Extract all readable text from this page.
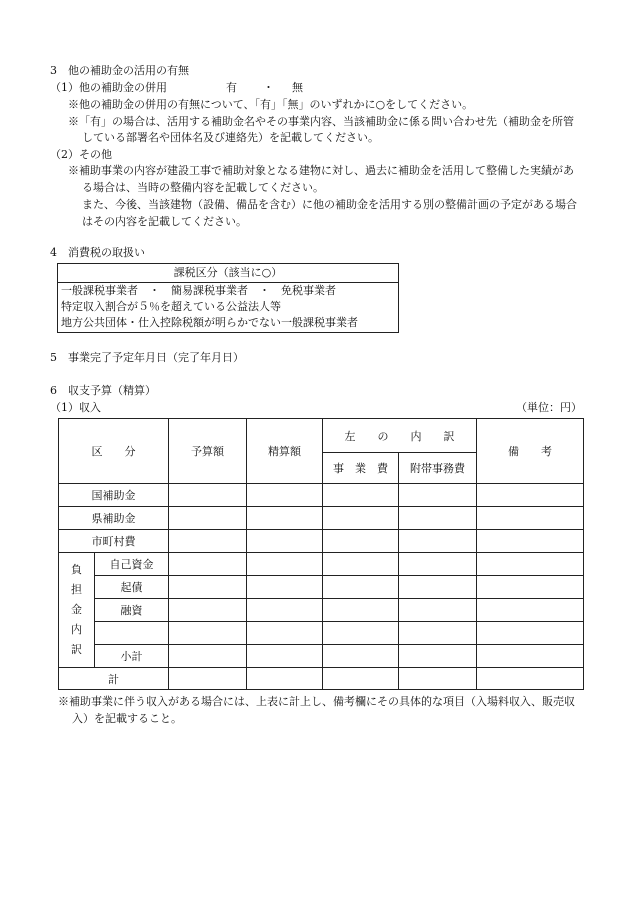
3　他の補助金の活用の有無
（1）他の補助金の併用	有 ・ 無
※他の補助金の併用の有無について、「有」「無」のいずれかに○をしてください。
※「有」の場合は、活用する補助金名やその事業内容、当該補助金に係る問い合わせ先（補助金を所管
している部署名や団体名及び連絡先）を記載してください。
（2）その他
※補助事業の内容が建設工事で補助対象となる建物に対し、過去に補助金を活用して整備した実績があ
る場合は、当時の整備内容を記載してください。
また、今後、当該建物（設備、備品を含む）に他の補助金を活用する別の整備計画の予定がある場合
はその内容を記載してください。
4　消費税の取扱い
課税区分（該当に○）
一般課税事業者　・　簡易課税事業者　・　免税事業者
特定収入割合が５％を超えている公益法人等
地方公共団体・仕入控除税額が明らかでない一般課税事業者
5　事業完了予定年月日（完了年月日）
6　収支予算（精算）
（1）収入	（単位：円）
区　　分		予算額	精算額	左　　の　　内　　訳		備　　考
				事　業　費	附帯事務費	
国補助金						
県補助金						
市町村費						
負担金内訳	自己資金					
	起債					
	融資					

	小計					
計						
※補助事業に伴う収入がある場合には、上表に計上し、備考欄にその具体的な項目（入場料収入、販売収
入）を記載すること。
